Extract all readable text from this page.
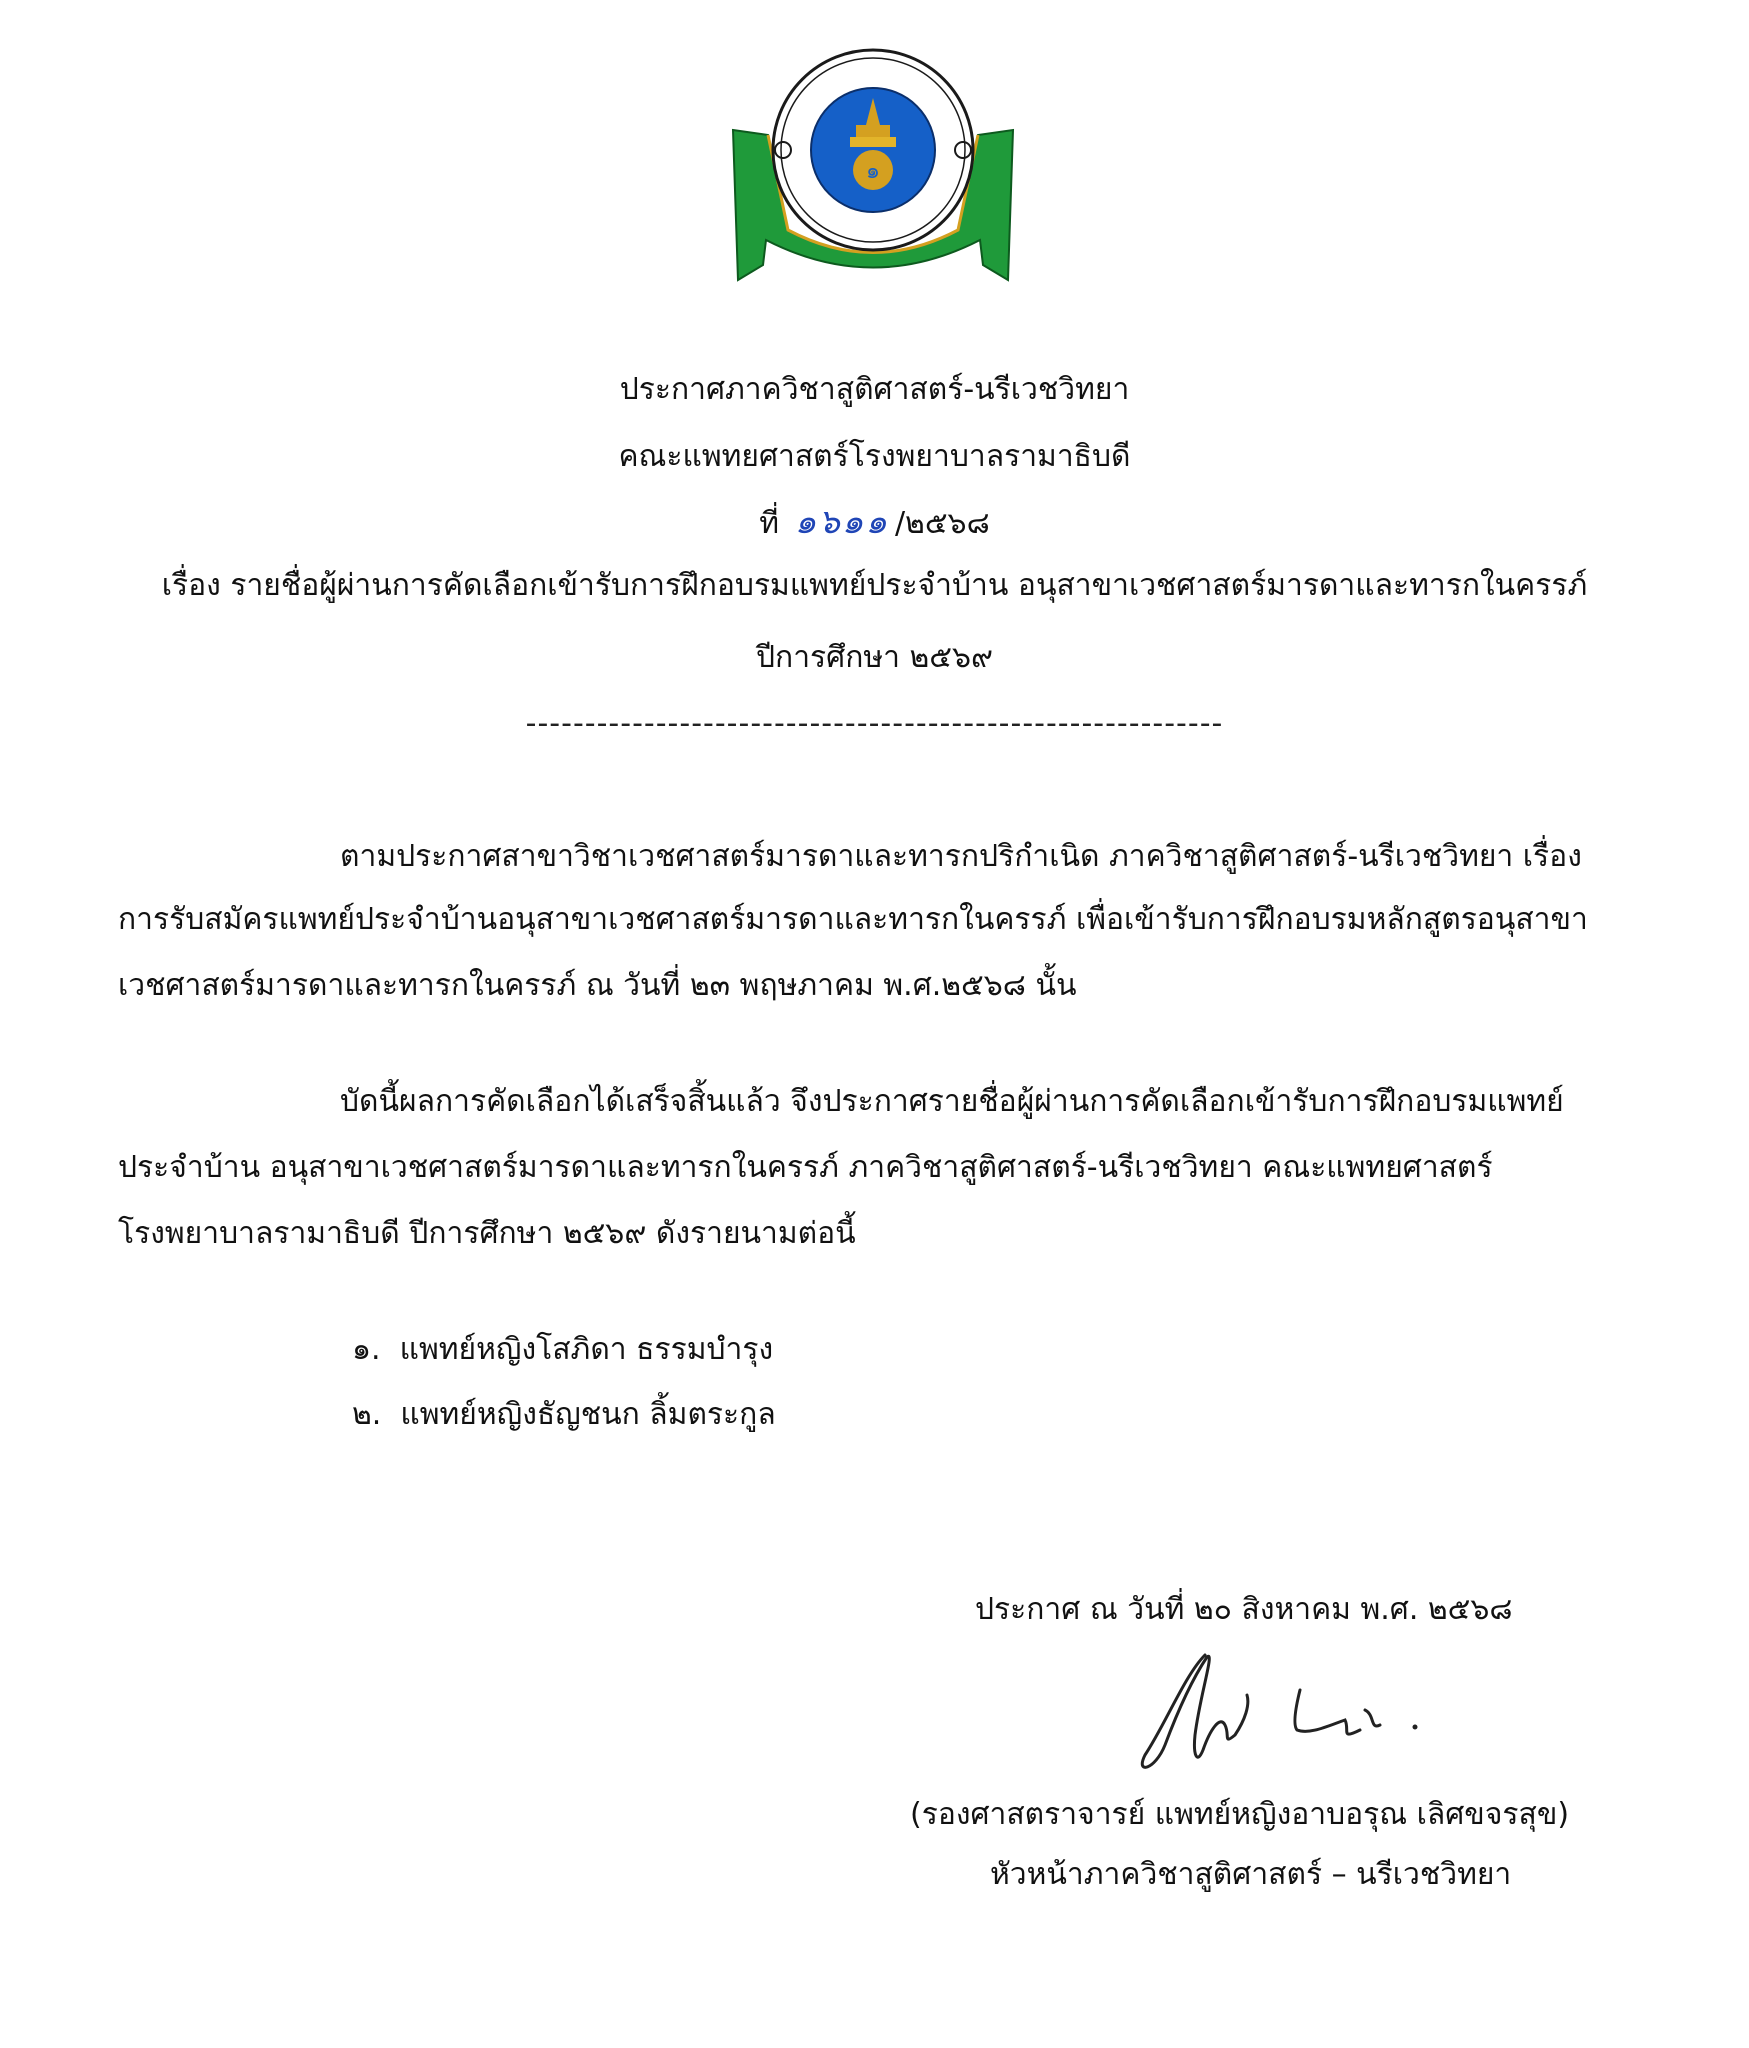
๑
ประกาศภาควิชาสูติศาสตร์-นรีเวชวิทยา
คณะแพทยศาสตร์โรงพยาบาลรามาธิบดี
ที่ ๑๖๑๑ /๒๕๖๘
เรื่อง รายชื่อผู้ผ่านการคัดเลือกเข้ารับการฝึกอบรมแพทย์ประจำบ้าน อนุสาขาเวชศาสตร์มารดาและทารกในครรภ์
ปีการศึกษา ๒๕๖๙
-----------------------------------------------------------
ตามประกาศสาขาวิชาเวชศาสตร์มารดาและทารกปริกำเนิด ภาควิชาสูติศาสตร์-นรีเวชวิทยา เรื่อง
การรับสมัครแพทย์ประจำบ้านอนุสาขาเวชศาสตร์มารดาและทารกในครรภ์ เพื่อเข้ารับการฝึกอบรมหลักสูตรอนุสาขา
เวชศาสตร์มารดาและทารกในครรภ์ ณ วันที่ ๒๓ พฤษภาคม พ.ศ.๒๕๖๘ นั้น
บัดนี้ผลการคัดเลือกได้เสร็จสิ้นแล้ว จึงประกาศรายชื่อผู้ผ่านการคัดเลือกเข้ารับการฝึกอบรมแพทย์
ประจำบ้าน อนุสาขาเวชศาสตร์มารดาและทารกในครรภ์ ภาควิชาสูติศาสตร์-นรีเวชวิทยา คณะแพทยศาสตร์
โรงพยาบาลรามาธิบดี ปีการศึกษา ๒๕๖๙ ดังรายนามต่อนี้
๑. แพทย์หญิงโสภิดา ธรรมบำรุง
๒. แพทย์หญิงธัญชนก ลิ้มตระกูล
ประกาศ ณ วันที่ ๒๐ สิงหาคม พ.ศ. ๒๕๖๘
(รองศาสตราจารย์ แพทย์หญิงอาบอรุณ เลิศขจรสุข)
หัวหน้าภาควิชาสูติศาสตร์ – นรีเวชวิทยา
